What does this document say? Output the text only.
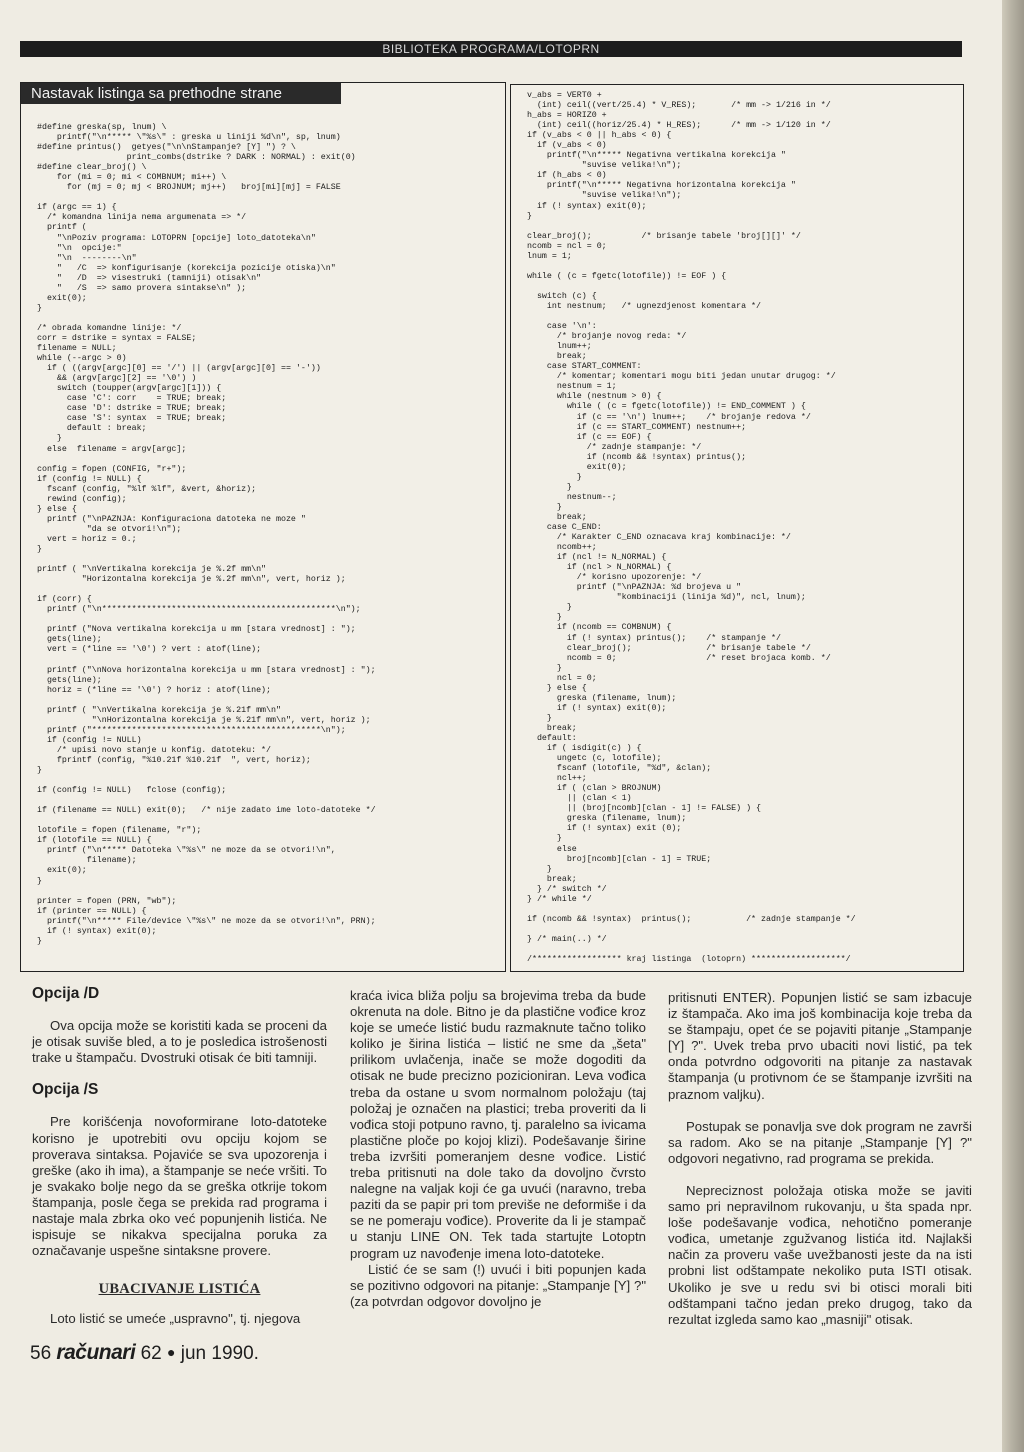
BIBLIOTEKA PROGRAMA/LOTOPRN
Nastavak listinga sa prethodne strane
#define greska(sp, lnum) \
printf("\n***** \"%s\" : greska u liniji %d\n", sp, lnum)
#define printus()  getyes("\n\nStampanje? [Y] ") ? \
print_combs(dstrike ? DARK : NORMAL) : exit(0)
#define clear_broj() \
for (mi = 0; mi < COMBNUM; mi++) \
for (mj = 0; mj < BROJNUM; mj++)   broj[mi][mj] = FALSE

if (argc == 1) {
/* komandna linija nema argumenata => */
printf (
"\nPoziv programa: LOTOPRN [opcije] loto_datoteka\n"
"\n  opcije:"
"\n  --------\n"
"   /C  => konfigurisanje (korekcija pozicije otiska)\n"
"   /D  => visestruki (tamniji) otisak\n"
"   /S  => samo provera sintakse\n" );
exit(0);
}

/* obrada komandne linije: */
corr = dstrike = syntax = FALSE;
filename = NULL;
while (--argc > 0)
if ( ((argv[argc][0] == '/') || (argv[argc][0] == '-'))
&& (argv[argc][2] == '\0') )
switch (toupper(argv[argc][1])) {
case 'C': corr    = TRUE; break;
case 'D': dstrike = TRUE; break;
case 'S': syntax  = TRUE; break;
default : break;
}
else  filename = argv[argc];

config = fopen (CONFIG, "r+");
if (config != NULL) {
fscanf (config, "%lf %lf", &vert, &horiz);
rewind (config);
} else {
printf ("\nPAZNJA: Konfiguraciona datoteka ne moze "
"da se otvori!\n");
vert = horiz = 0.;
}

printf ( "\nVertikalna korekcija je %.2f mm\n"
"Horizontalna korekcija je %.2f mm\n", vert, horiz );

if (corr) {
printf ("\n***********************************************\n");

printf ("Nova vertikalna korekcija u mm [stara vrednost] : ");
gets(line);
vert = (*line == '\0') ? vert : atof(line);

printf ("\nNova horizontalna korekcija u mm [stara vrednost] : ");
gets(line);
horiz = (*line == '\0') ? horiz : atof(line);

printf ( "\nVertikalna korekcija je %.21f mm\n"
"\nHorizontalna korekcija je %.21f mm\n", vert, horiz );
printf ("**********************************************\n");
if (config != NULL)
/* upisi novo stanje u konfig. datoteku: */
fprintf (config, "%10.21f %10.21f  ", vert, horiz);
}

if (config != NULL)   fclose (config);

if (filename == NULL) exit(0);   /* nije zadato ime loto-datoteke */

lotofile = fopen (filename, "r");
if (lotofile == NULL) {
printf ("\n***** Datoteka \"%s\" ne moze da se otvori!\n",
filename);
exit(0);
}

printer = fopen (PRN, "wb");
if (printer == NULL) {
printf("\n***** File/device \"%s\" ne moze da se otvori!\n", PRN);
if (! syntax) exit(0);
}
v_abs = VERT0 +
(int) ceil((vert/25.4) * V_RES);       /* mm -> 1/216 in */
h_abs = HORIZ0 +
(int) ceil((horiz/25.4) * H_RES);      /* mm -> 1/120 in */
if (v_abs < 0 || h_abs < 0) {
if (v_abs < 0)
printf("\n***** Negativna vertikalna korekcija "
"suvise velika!\n");
if (h_abs < 0)
printf("\n***** Negativna horizontalna korekcija "
"suvise velika!\n");
if (! syntax) exit(0);
}

clear_broj();          /* brisanje tabele 'broj[][]' */
ncomb = ncl = 0;
lnum = 1;

while ( (c = fgetc(lotofile)) != EOF ) {

switch (c) {
int nestnum;   /* ugnezdjenost komentara */

case '\n':
/* brojanje novog reda: */
lnum++;
break;
case START_COMMENT:
/* komentar; komentari mogu biti jedan unutar drugog: */
nestnum = 1;
while (nestnum > 0) {
while ( (c = fgetc(lotofile)) != END_COMMENT ) {
if (c == '\n') lnum++;    /* brojanje redova */
if (c == START_COMMENT) nestnum++;
if (c == EOF) {
/* zadnje stampanje: */
if (ncomb && !syntax) printus();
exit(0);
}
}
nestnum--;
}
break;
case C_END:
/* Karakter C_END oznacava kraj kombinacije: */
ncomb++;
if (ncl != N_NORMAL) {
if (ncl > N_NORMAL) {
/* korisno upozorenje: */
printf ("\nPAZNJA: %d brojeva u "
"kombinaciji (linija %d)", ncl, lnum);
}
}
if (ncomb == COMBNUM) {
if (! syntax) printus();    /* stampanje */
clear_broj();               /* brisanje tabele */
ncomb = 0;                  /* reset brojaca komb. */
}
ncl = 0;
} else {
greska (filename, lnum);
if (! syntax) exit(0);
}
break;
default:
if ( isdigit(c) ) {
ungetc (c, lotofile);
fscanf (lotofile, "%d", &clan);
ncl++;
if ( (clan > BROJNUM)
|| (clan < 1)
|| (broj[ncomb][clan - 1] != FALSE) ) {
greska (filename, lnum);
if (! syntax) exit (0);
}
else
broj[ncomb][clan - 1] = TRUE;
}
break;
} /* switch */
} /* while */

if (ncomb && !syntax)  printus();           /* zadnje stampanje */

} /* main(..) */

/****************** kraj listinga  (lotoprn) *******************/
Opcija /D

Ova opcija može se koristiti kada se proceni da je otisak suviše bled, a to je posledica istrošenosti trake u štampaču. Dvostruki otisak će biti tamniji.

Opcija /S

Pre korišćenja novoformirane loto-datoteke korisno je upotrebiti ovu opciju kojom se proverava sintaksa. Pojaviće se sva upozorenja i greške (ako ih ima), a štampanje se neće vršiti. To je svakako bolje nego da se greška otkrije tokom štampanja, posle čega se prekida rad programa i nastaje mala zbrka oko već popunjenih listića. Ne ispisuje se nikakva specijalna poruka za označavanje uspešne sintaksne provere.

UBACIVANJE LISTIĆA

Loto listić se umeće „uspravno", tj. njegova

kraća ivica bliža polju sa brojevima treba da bude okrenuta na dole. Bitno je da plastične vođice kroz koje se umeće listić budu razmaknute tačno toliko koliko je širina listića – listić ne sme da „šeta" prilikom uvlačenja, inače se može dogoditi da otisak ne bude precizno pozicioniran. Leva vođica treba da ostane u svom normalnom položaju (taj položaj je označen na plastici; treba proveriti da li vođica stoji potpuno ravno, tj. paralelno sa ivicama plastične ploče po kojoj klizi). Podešavanje širine treba izvršiti pomeranjem desne vođice. Listić treba pritisnuti na dole tako da dovoljno čvrsto nalegne na valjak koji će ga uvući (naravno, treba paziti da se papir pri tom previše ne deformiše i da se ne pomeraju vođice). Proverite da li je stampač u stanju LINE ON. Tek tada startujte Lotoptn program uz navođenje imena loto-datoteke.

Listić će se sam (!) uvući i biti popunjen kada se pozitivno odgovori na pitanje: „Stampanje [Y] ?" (za potvrdan odgovor dovoljno je

pritisnuti ENTER). Popunjen listić se sam izbacuje iz štampača. Ako ima još kombinacija koje treba da se štampaju, opet će se pojaviti pitanje „Stampanje [Y] ?". Uvek treba prvo ubaciti novi listić, pa tek onda potvrdno odgovoriti na pitanje za nastavak štampanja (u protivnom će se štampanje izvršiti na praznom valjku).

Postupak se ponavlja sve dok program ne završi sa radom. Ako se na pitanje „Stampanje [Y] ?" odgovori negativno, rad programa se prekida.

Nepreciznost položaja otiska može se javiti samo pri nepravilnom rukovanju, u šta spada npr. loše podešavanje vođica, nehotično pomeranje vođica, umetanje zgužvanog listića itd. Najlakši način za proveru vaše uvežbanosti jeste da na isti probni list odštampate nekoliko puta ISTI otisak. Ukoliko je sve u redu svi bi otisci morali biti odštampani tačno jedan preko drugog, tako da rezultat izgleda samo kao „masniji" otisak.

56 računari 62 ● jun 1990.
